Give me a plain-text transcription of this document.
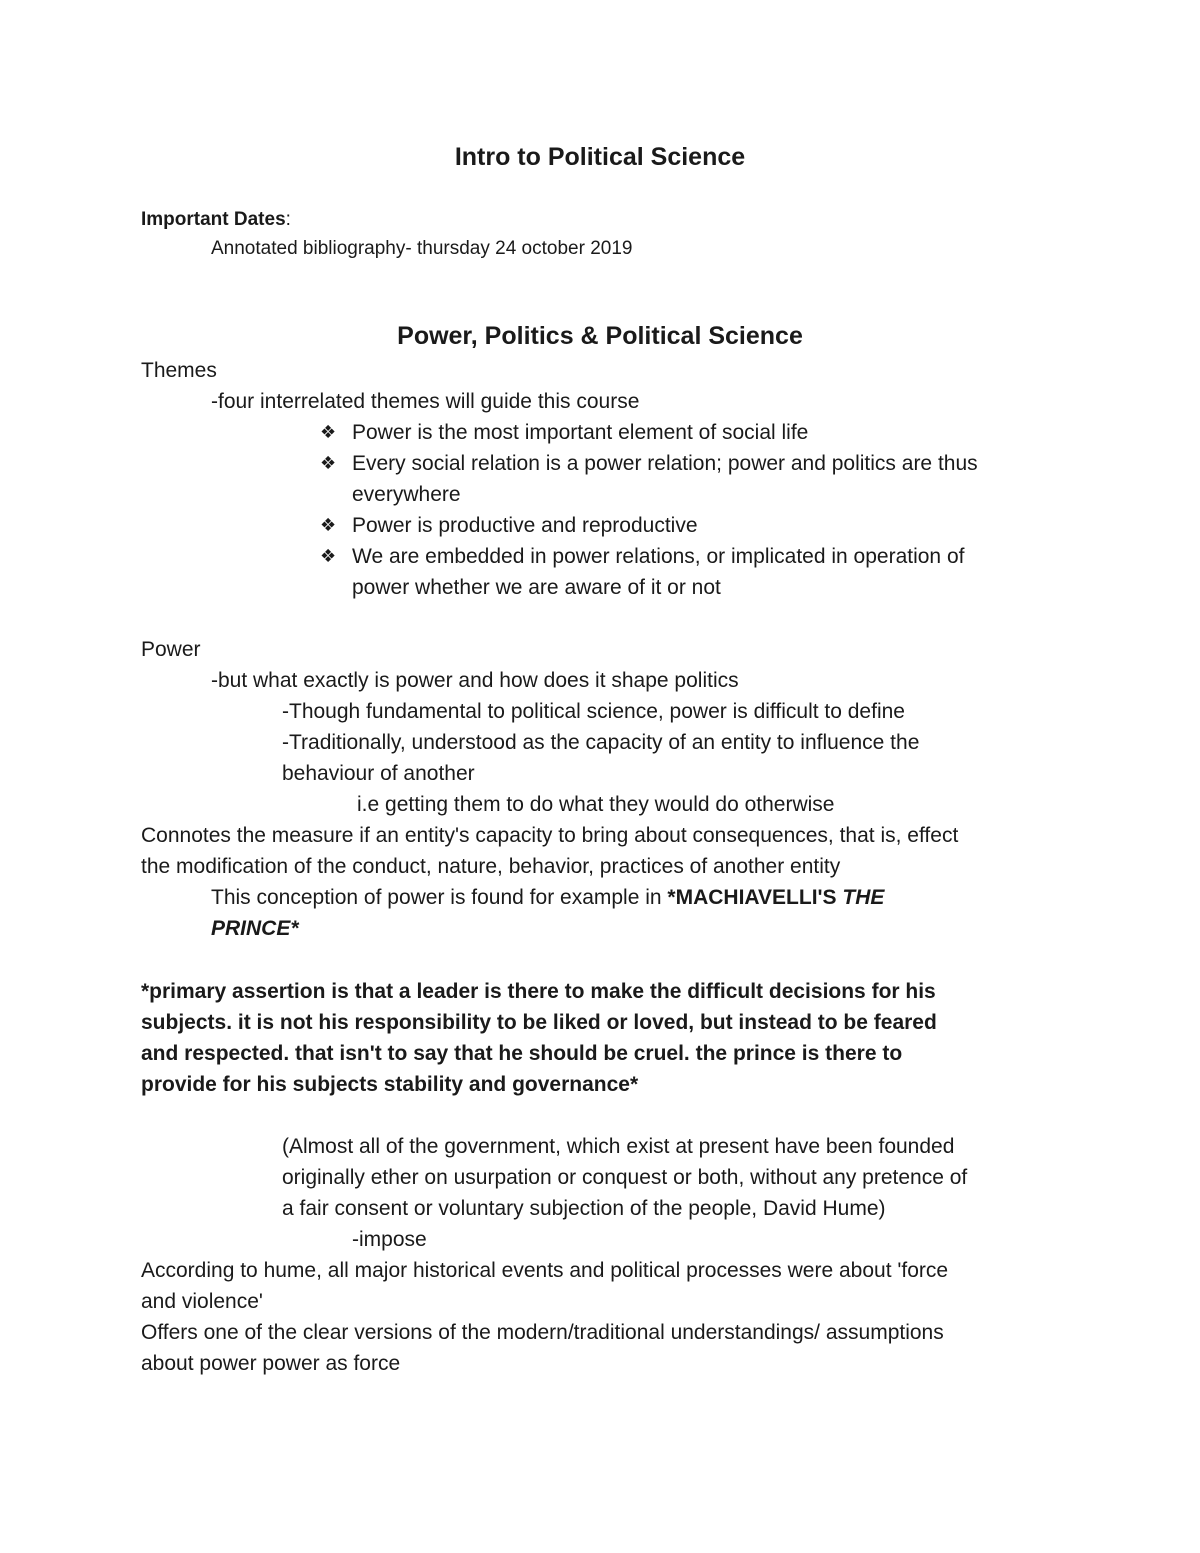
Intro to Political Science

Important Dates:

Annotated bibliography- thursday 24 october 2019

Power, Politics & Political Science

Themes

-four interrelated themes will guide this course

❖ Power is the most important element of social life

❖ Every social relation is a power relation; power and politics are thus

everywhere

❖ Power is productive and reproductive

❖ We are embedded in power relations, or implicated in operation of

power whether we are aware of it or not

Power

-but what exactly is power and how does it shape politics

-Though fundamental to political science, power is difficult to define

-Traditionally, understood as the capacity of an entity to influence the

behaviour of another

i.e getting them to do what they would do otherwise

Connotes the measure if an entity's capacity to bring about consequences, that is, effect

the modification of the conduct, nature, behavior, practices of another entity

This conception of power is found for example in *MACHIAVELLI'S THE

PRINCE*

*primary assertion is that a leader is there to make the difficult decisions for his

subjects. it is not his responsibility to be liked or loved, but instead to be feared

and respected. that isn't to say that he should be cruel. the prince is there to

provide for his subjects stability and governance*

(Almost all of the government, which exist at present have been founded

originally ether on usurpation or conquest or both, without any pretence of

a fair consent or voluntary subjection of the people, David Hume)

-impose

According to hume, all major historical events and political processes were about 'force

and violence'

Offers one of the clear versions of the modern/traditional understandings/ assumptions

about power power as force
